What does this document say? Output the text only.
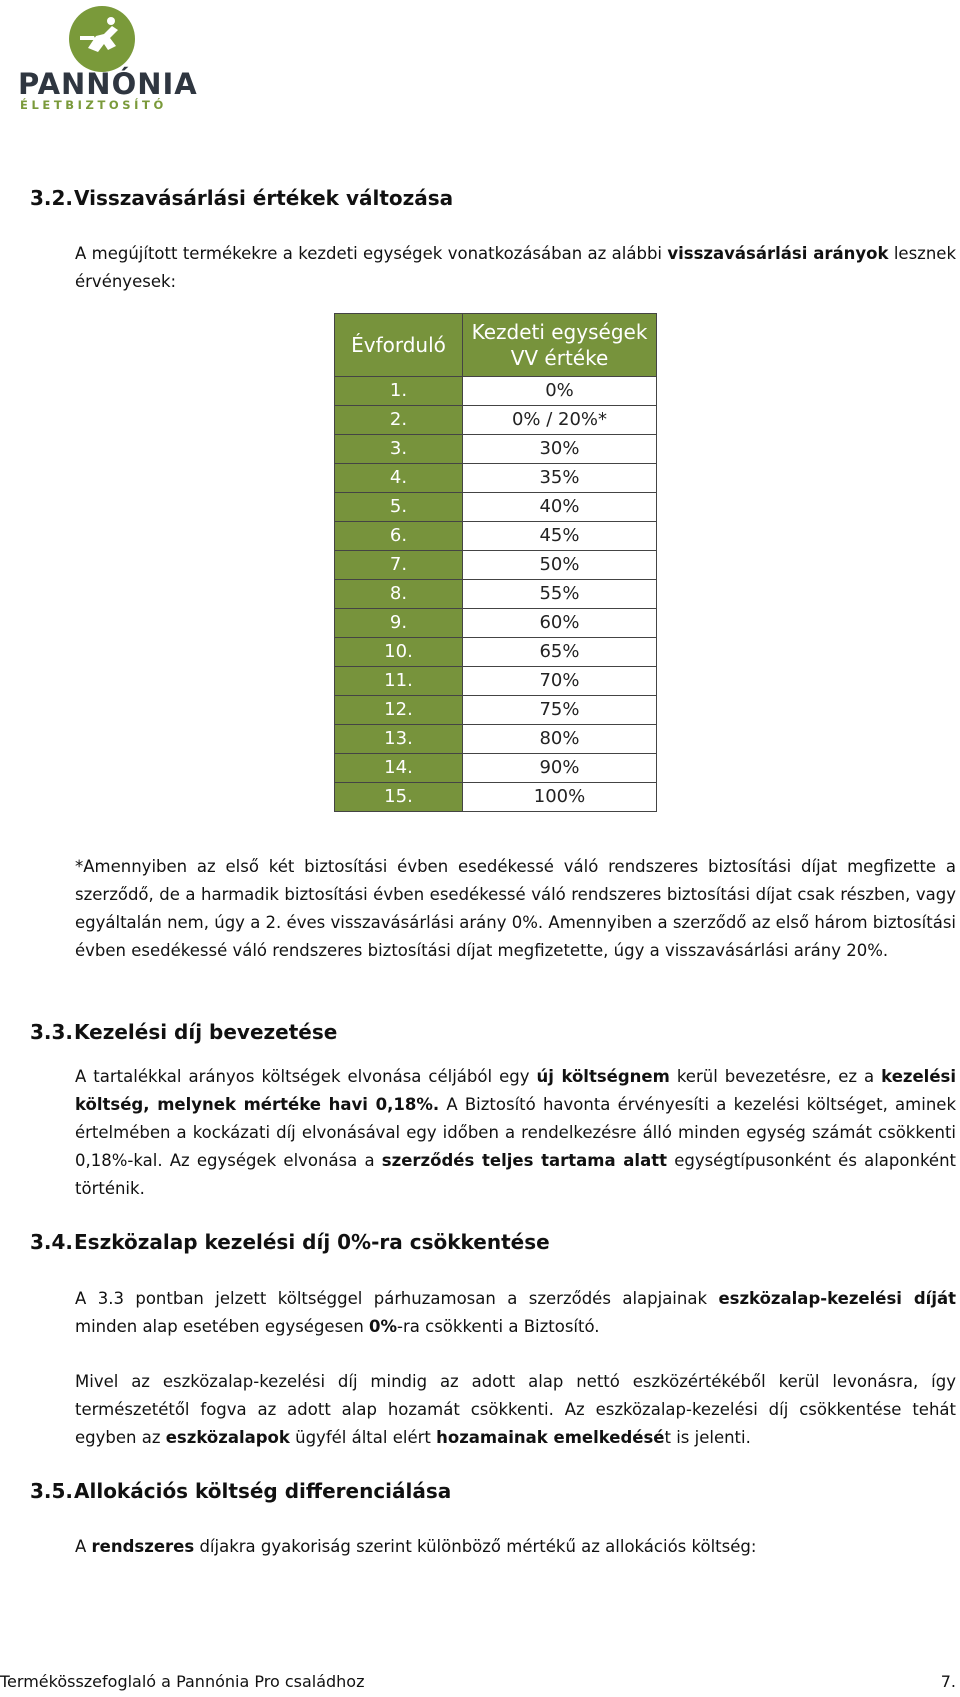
PANNÓNIA
ÉLETBIZTOSÍTÓ
3.2.Visszavásárlási értékek változása
A megújított termékekre a kezdeti egységek vonatkozásában az alábbi visszavásárlási arányok lesznek érvényesek:
Évforduló	Kezdeti egységek
VV értéke
1.	0%
2.	0% / 20%*
3.	30%
4.	35%
5.	40%
6.	45%
7.	50%
8.	55%
9.	60%
10.	65%
11.	70%
12.	75%
13.	80%
14.	90%
15.	100%
*Amennyiben az első két biztosítási évben esedékessé váló rendszeres biztosítási díjat megfizette a szerződő, de a harmadik biztosítási évben esedékessé váló rendszeres biztosítási díjat csak részben, vagy egyáltalán nem, úgy a 2. éves visszavásárlási arány 0%. Amennyiben a szerződő az első három biztosítási évben esedékessé váló rendszeres biztosítási díjat megfizetette, úgy a visszavásárlási arány 20%.
3.3.Kezelési díj bevezetése
A tartalékkal arányos költségek elvonása céljából egy új költségnem kerül bevezetésre, ez a kezelési költség, melynek mértéke havi 0,18%. A Biztosító havonta érvényesíti a kezelési költséget, aminek értelmében a kockázati díj elvonásával egy időben a rendelkezésre álló minden egység számát csökkenti 0,18%-kal. Az egységek elvonása a szerződés teljes tartama alatt egységtípusonként és alaponként történik.
3.4.Eszközalap kezelési díj 0%-ra csökkentése
A 3.3 pontban jelzett költséggel párhuzamosan a szerződés alapjainak eszközalap-kezelési díját minden alap esetében egységesen 0%-ra csökkenti a Biztosító.
Mivel az eszközalap-kezelési díj mindig az adott alap nettó eszközértékéből kerül levonásra, így természetétől fogva az adott alap hozamát csökkenti. Az eszközalap-kezelési díj csökkentése tehát egyben az eszközalapok ügyfél által elért hozamainak emelkedését is jelenti.
3.5.Allokációs költség differenciálása
A rendszeres díjakra gyakoriság szerint különböző mértékű az allokációs költség:
Termékösszefoglaló a Pannónia Pro családhoz	7.
